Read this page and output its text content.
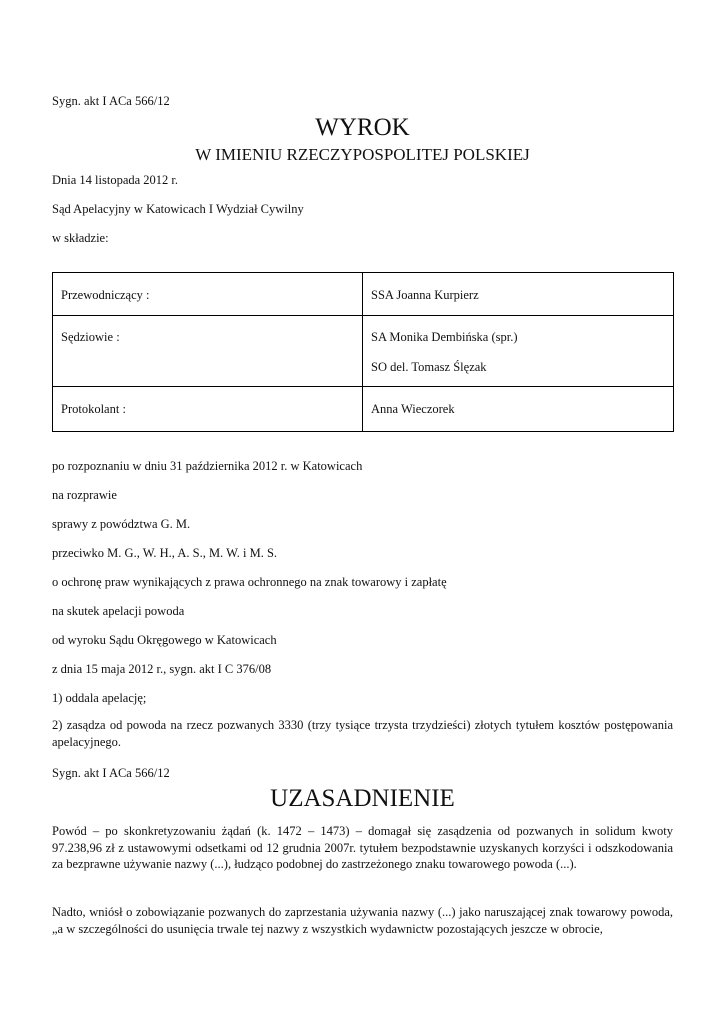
Sygn. akt I ACa 566/12
WYROK
W IMIENIU RZECZYPOSPOLITEJ POLSKIEJ
Dnia 14 listopada 2012 r.
Sąd Apelacyjny w Katowicach I Wydział Cywilny
w składzie:
Przewodniczący :	SSA Joanna Kurpierz

Sędziowie :	SA Monika Dembińska (spr.)
SO del. Tomasz Ślęzak

Protokolant :	Anna Wieczorek
po rozpoznaniu w dniu 31 października 2012 r. w Katowicach
na rozprawie
sprawy z powództwa G. M.
przeciwko M. G., W. H., A. S., M. W. i M. S.
o ochronę praw wynikających z prawa ochronnego na znak towarowy i zapłatę
na skutek apelacji powoda
od wyroku Sądu Okręgowego w Katowicach
z dnia 15 maja 2012 r., sygn. akt I C 376/08
1) oddala apelację;
2) zasądza od powoda na rzecz pozwanych 3330 (trzy tysiące trzysta trzydzieści) złotych tytułem kosztów postępowania apelacyjnego.
Sygn. akt I ACa 566/12
UZASADNIENIE
Powód – po skonkretyzowaniu żądań (k. 1472 – 1473) – domagał się zasądzenia od pozwanych in solidum kwoty 97.238,96 zł z ustawowymi odsetkami od 12 grudnia 2007r. tytułem bezpodstawnie uzyskanych korzyści i odszkodowania za bezprawne używanie nazwy (...), łudząco podobnej do zastrzeżonego znaku towarowego powoda (...).
Nadto, wniósł o zobowiązanie pozwanych do zaprzestania używania nazwy (...) jako naruszającej znak towarowy powoda, „a w szczególności do usunięcia trwale tej nazwy z wszystkich wydawnictw pozostających jeszcze w obrocie,
